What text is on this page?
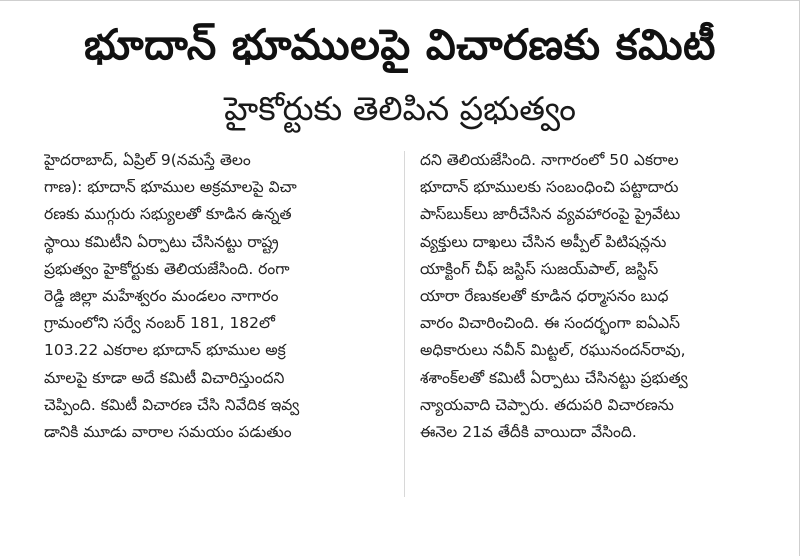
భూదాన్ భూములపై విచారణకు కమిటీ
హైకోర్టుకు తెలిపిన ప్రభుత్వం
హైదరాబాద్, ఏప్రిల్ 9(నమస్తే తెలం
గాణ): భూదాన్ భూముల అక్రమాలపై విచా
రణకు ముగ్గురు సభ్యులతో కూడిన ఉన్నత
స్థాయి కమిటీని ఏర్పాటు చేసినట్టు రాష్ట్ర
ప్రభుత్వం హైకోర్టుకు తెలియజేసింది. రంగా
రెడ్డి జిల్లా మహేశ్వరం మండలం నాగారం
గ్రామంలోని సర్వే నంబర్ 181, 182లో
103.22 ఎకరాల భూదాన్ భూముల అక్ర
మాలపై కూడా అదే కమిటీ విచారిస్తుందని
చెప్పింది. కమిటీ విచారణ చేసి నివేదిక ఇవ్వ
డానికి మూడు వారాల సమయం పడుతుం
దని తెలియజేసింది. నాగారంలో 50 ఎకరాల
భూదాన్ భూములకు సంబంధించి పట్టాదారు
పాస్‌బుక్‌లు జారీచేసిన వ్యవహారంపై ప్రైవేటు
వ్యక్తులు దాఖలు చేసిన అప్పీల్ పిటిషన్లను
యాక్టింగ్ చీఫ్ జస్టిస్ సుజయ్‌పాల్, జస్టిస్
యారా రేణుకలతో కూడిన ధర్మాసనం బుధ
వారం విచారించింది. ఈ సందర్భంగా ఐఏఎస్
అధికారులు నవీన్ మిట్టల్, రఘునందన్‌రావు,
శశాంక్‌లతో కమిటీ ఏర్పాటు చేసినట్టు ప్రభుత్వ
న్యాయవాది చెప్పారు. తదుపరి విచారణను
ఈనెల 21వ తేదీకి వాయిదా వేసింది.
